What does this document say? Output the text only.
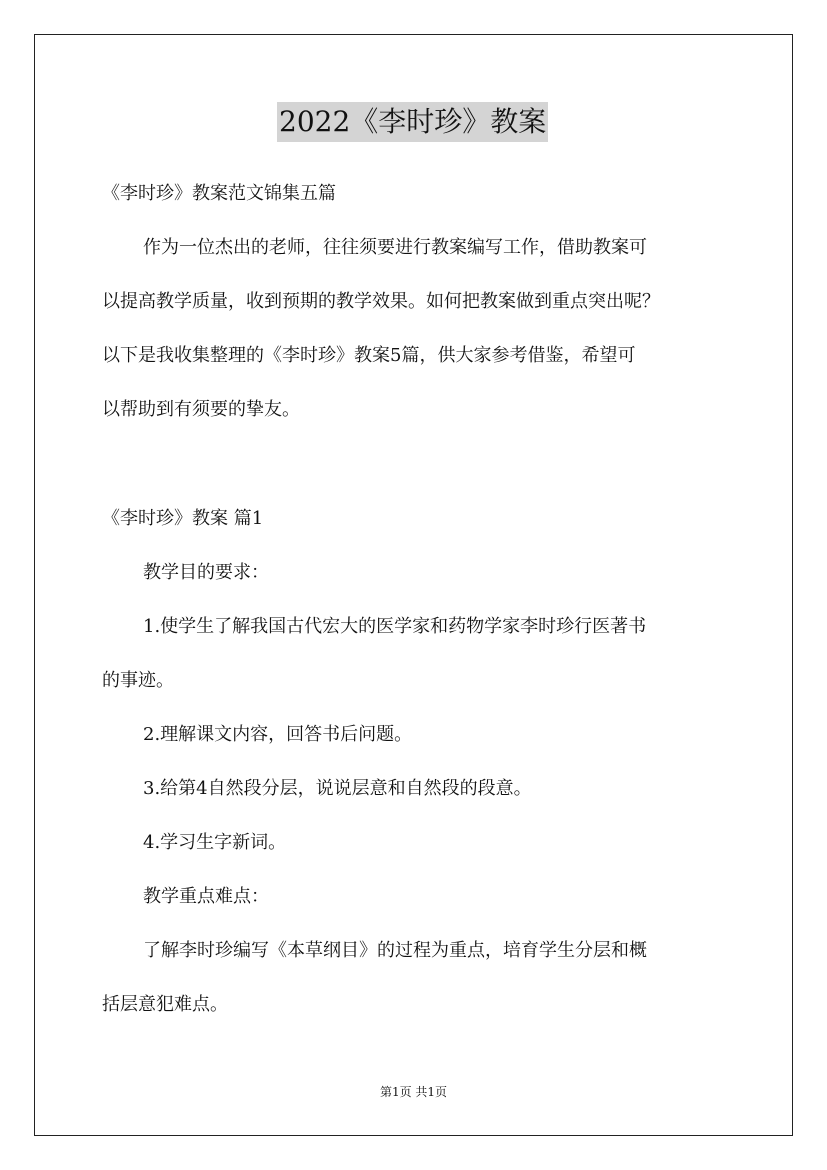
2022《李时珍》教案
《李时珍》教案范文锦集五篇
作为一位杰出的老师，往往须要进行教案编写工作，借助教案可
以提高教学质量，收到预期的教学效果。如何把教案做到重点突出呢？
以下是我收集整理的《李时珍》教案5篇，供大家参考借鉴，希望可
以帮助到有须要的挚友。
《李时珍》教案 篇1
教学目的要求：
1.使学生了解我国古代宏大的医学家和药物学家李时珍行医著书
的事迹。
2.理解课文内容，回答书后问题。
3.给第4自然段分层，说说层意和自然段的段意。
4.学习生字新词。
教学重点难点：
了解李时珍编写《本草纲目》的过程为重点，培育学生分层和概
括层意犯难点。
第1页 共1页
